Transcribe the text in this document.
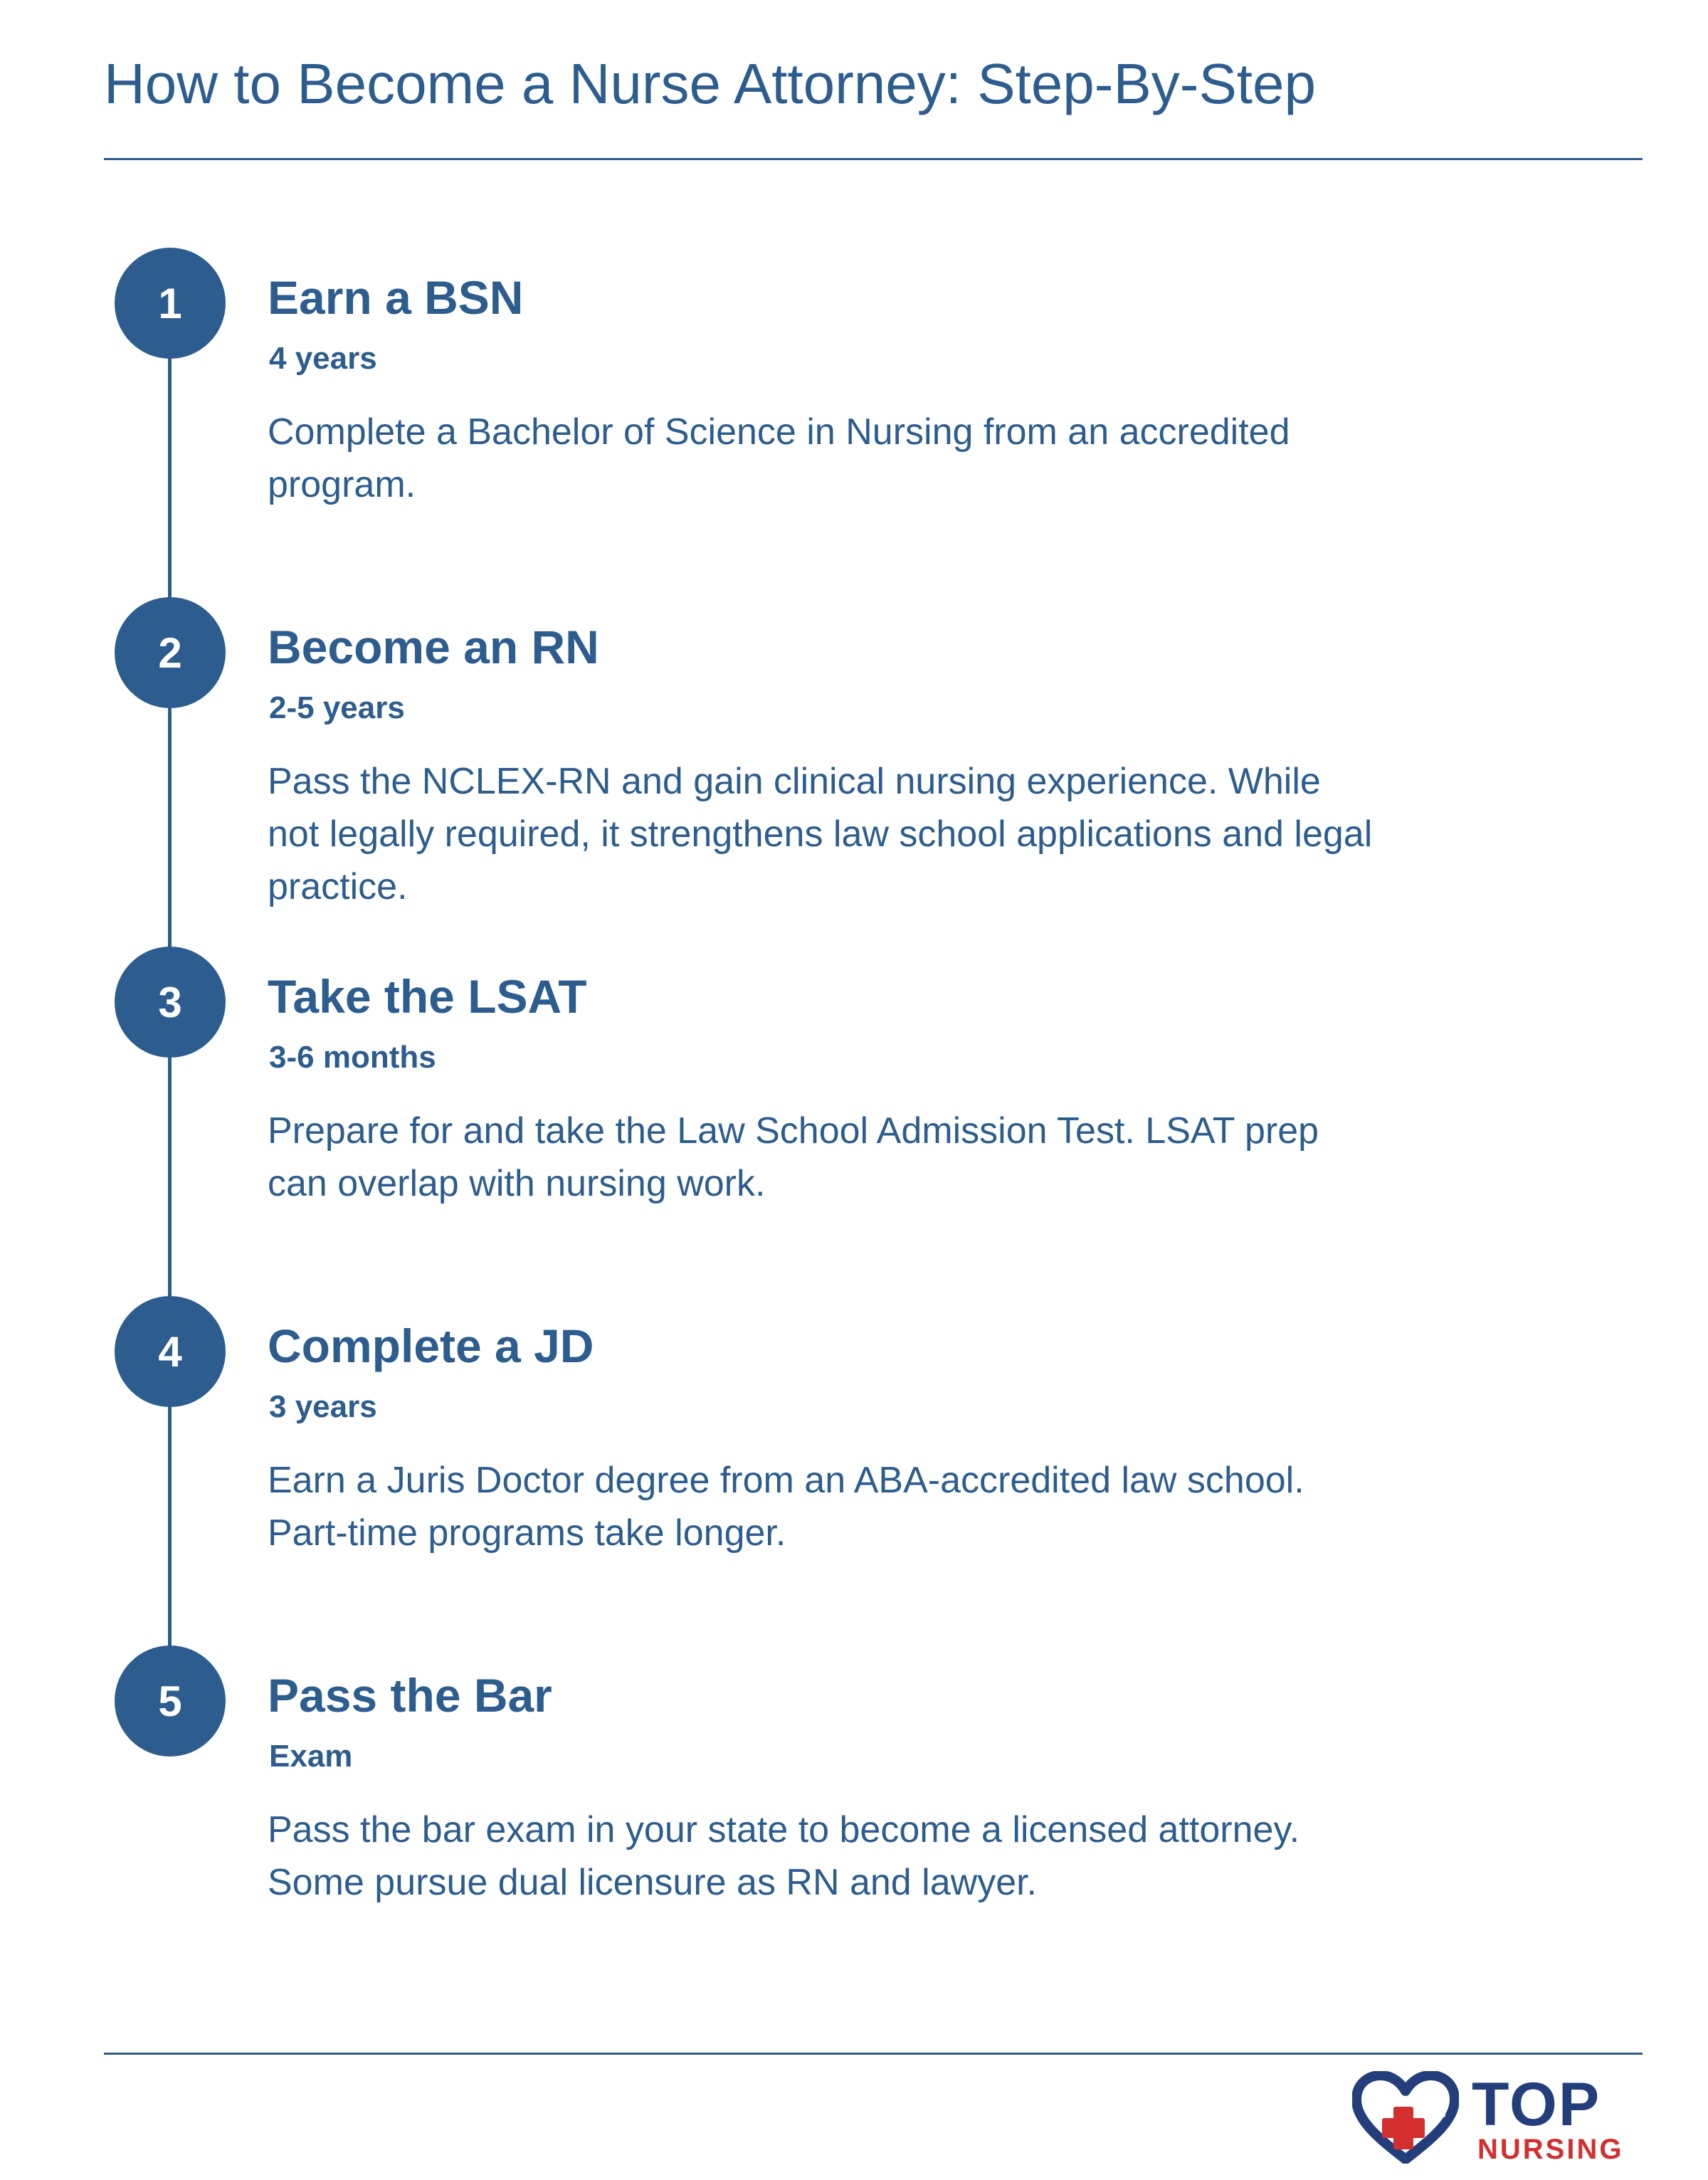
How to Become a Nurse Attorney: Step-By-Step
1	Earn a BSN
4 years

Complete a Bachelor of Science in Nursing from an accredited program.

2	Become an RN
2-5 years

Pass the NCLEX-RN and gain clinical nursing experience. While not legally required, it strengthens law school applications and legal practice.

3	Take the LSAT
3-6 months

Prepare for and take the Law School Admission Test. LSAT prep can overlap with nursing work.

4	Complete a JD
3 years

Earn a Juris Doctor degree from an ABA-accredited law school. Part-time programs take longer.

5	Pass the Bar
Exam

Pass the bar exam in your state to become a licensed attorney. Some pursue dual licensure as RN and lawyer.

TOP
NURSING
